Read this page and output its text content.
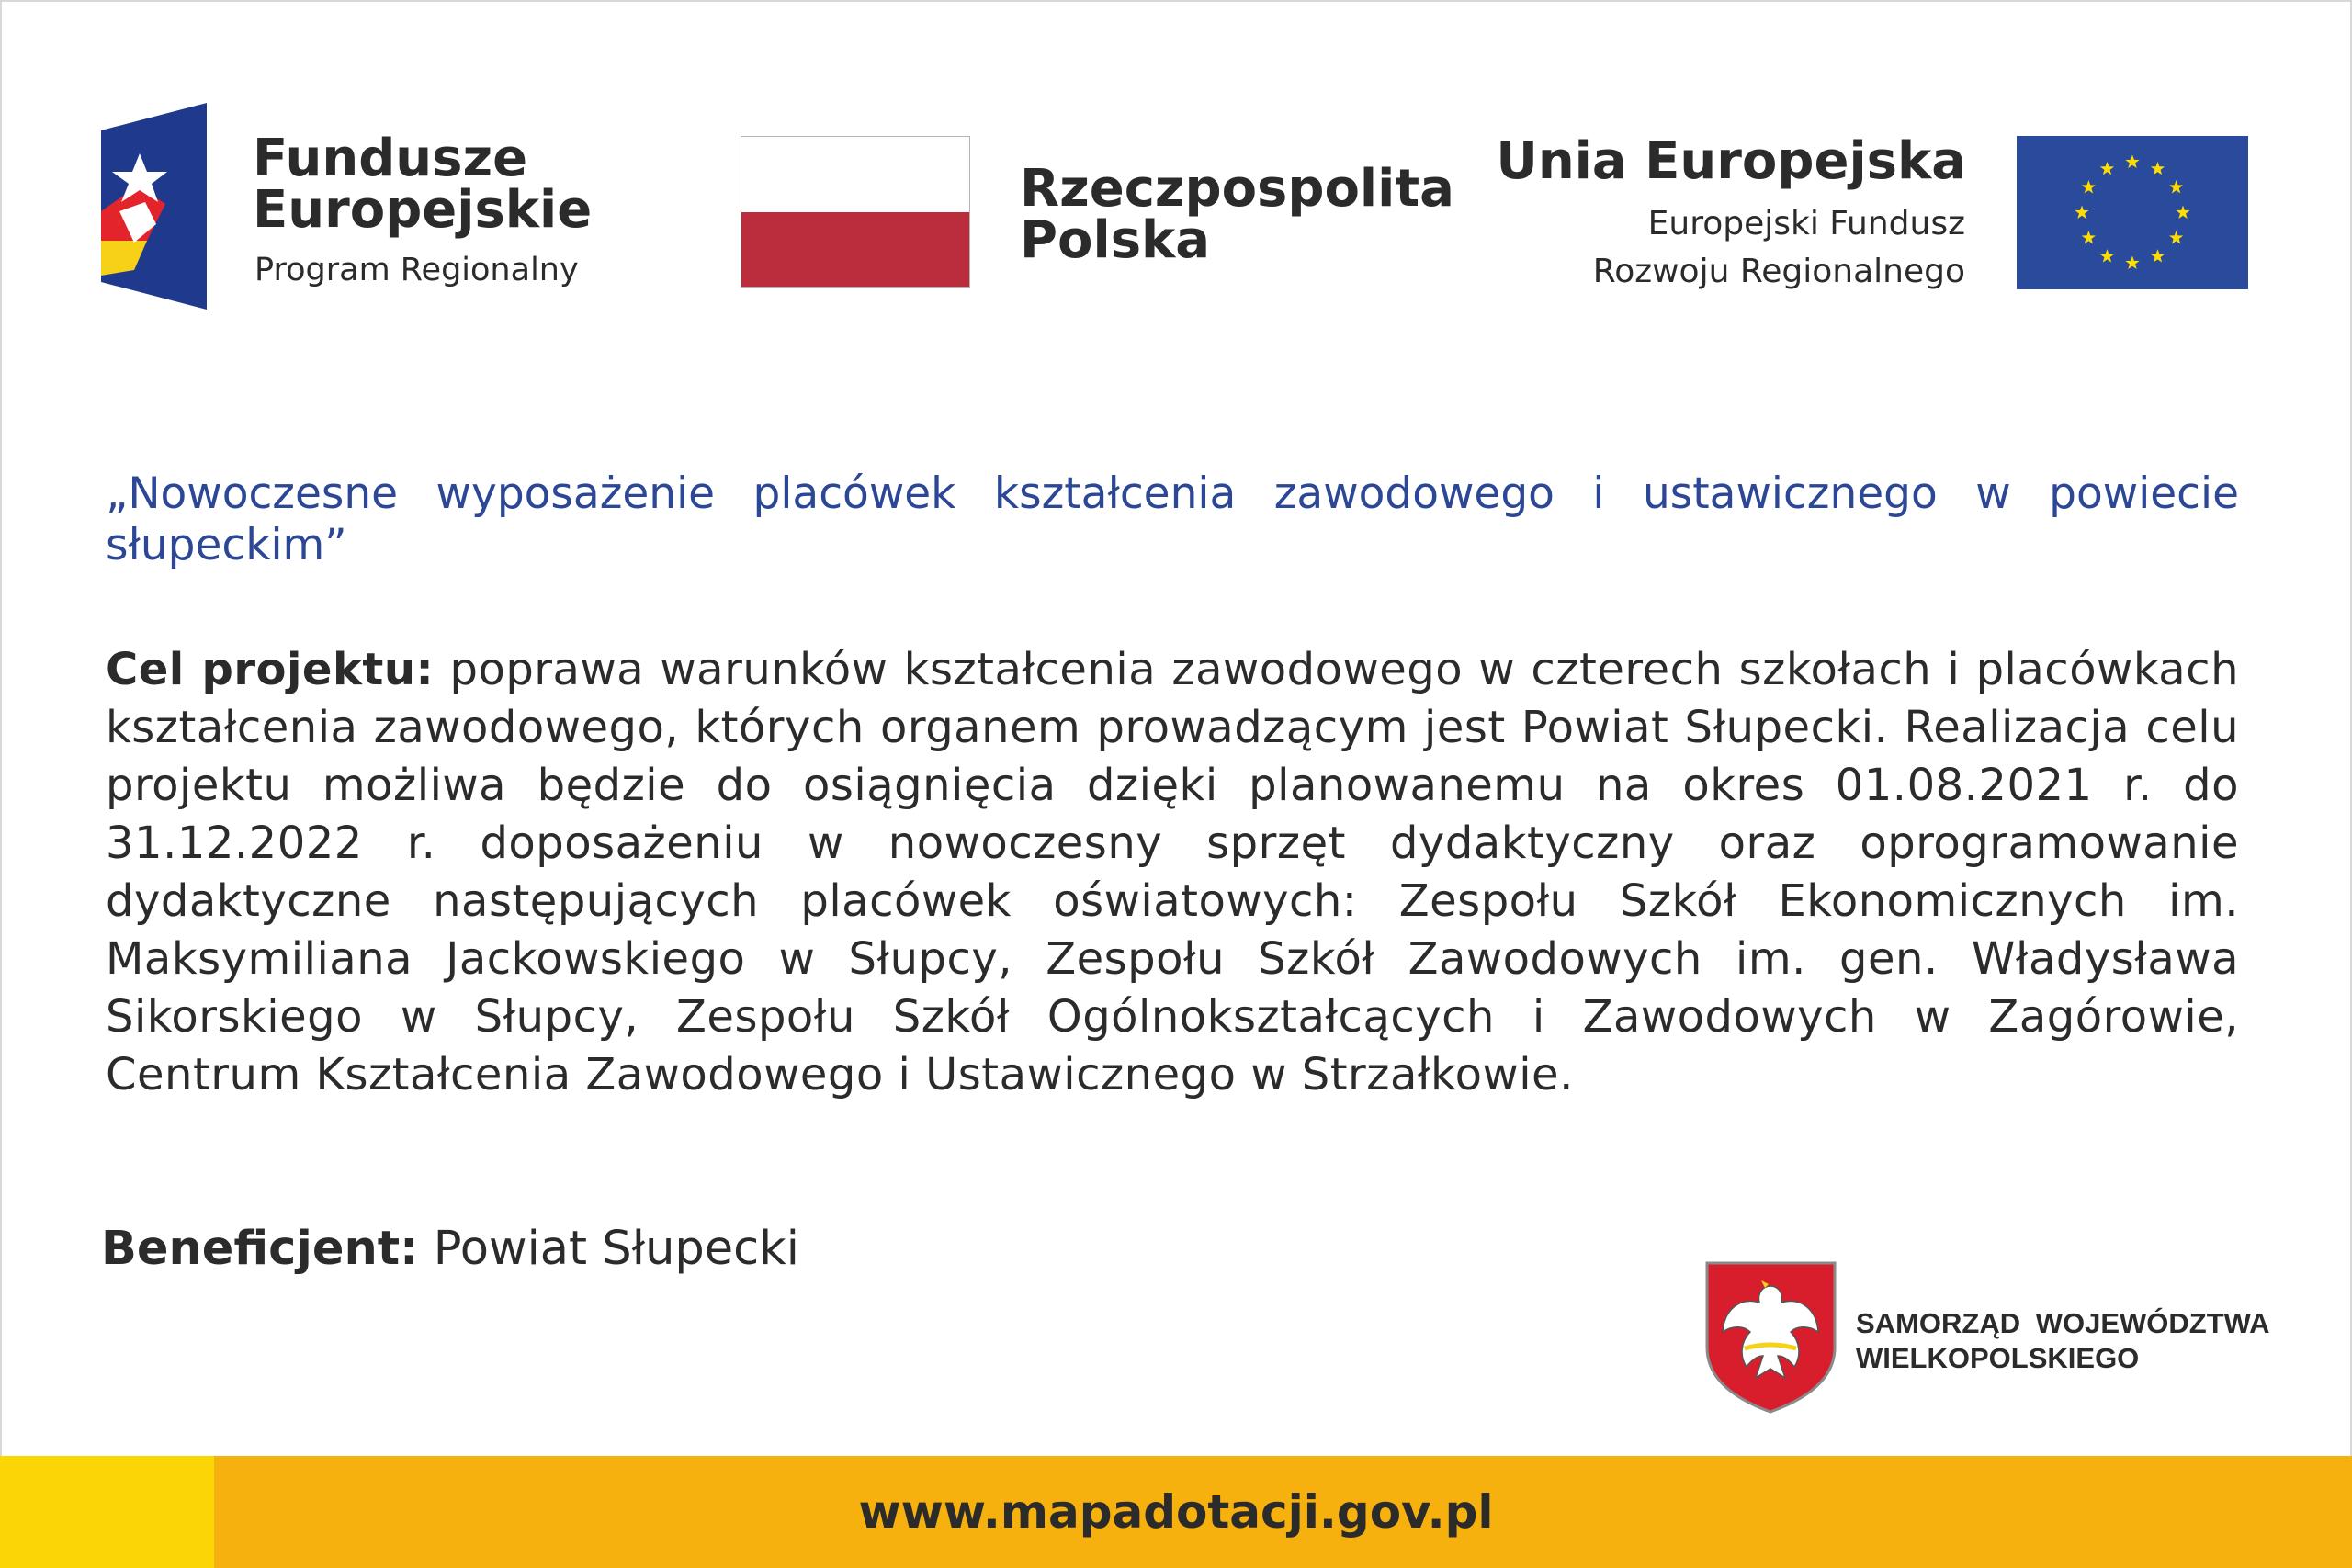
Fundusze
Europejskie
Program Regionalny
Rzeczpospolita
Polska
Unia Europejska
Europejski Fundusz
Rozwoju Regionalnego
„Nowoczesne wyposażenie placówek kształcenia zawodowego i ustawicznego w powiecie słupeckim”
Cel projektu: poprawa warunków kształcenia zawodowego w czterech szkołach i placówkach kształcenia zawodowego, których organem prowadzącym jest Powiat Słupecki. Realizacja celu projektu możliwa będzie do osiągnięcia dzięki planowanemu na okres 01.08.2021 r. do 31.12.2022 r. doposażeniu w nowoczesny sprzęt dydaktyczny oraz oprogramowanie dydaktyczne następujących placówek oświatowych: Zespołu Szkół Ekonomicznych im. Maksymiliana Jackowskiego w Słupcy, Zespołu Szkół Zawodowych im. gen. Władysława Sikorskiego w Słupcy, Zespołu Szkół Ogólnokształcących i Zawodowych w Zagórowie, Centrum Kształcenia Zawodowego i Ustawicznego w Strzałkowie.
Beneficjent: Powiat Słupecki
SAMORZĄD WOJEWÓDZTWA
WIELKOPOLSKIEGO
www.mapadotacji.gov.pl
